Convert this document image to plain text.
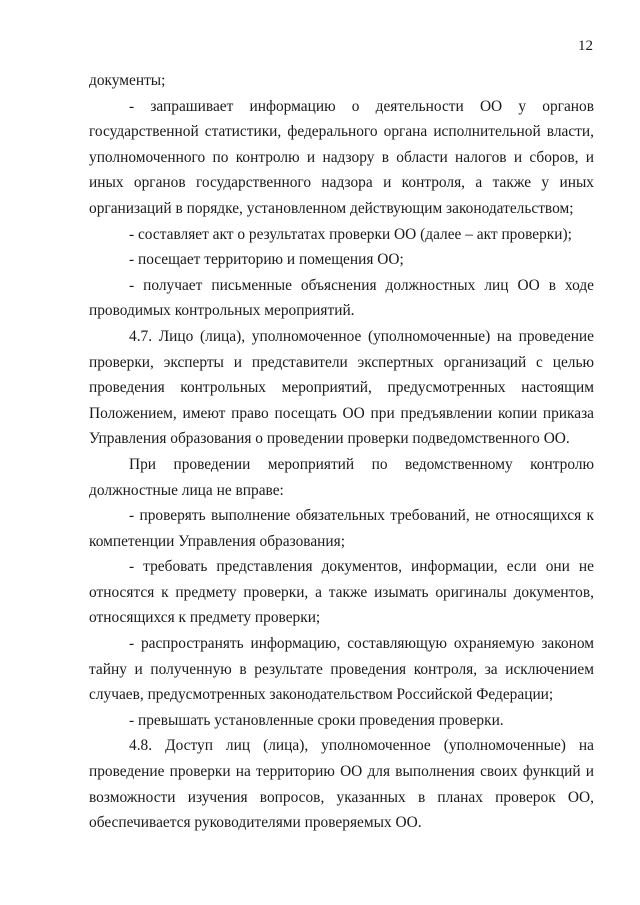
12

документы;

- запрашивает информацию о деятельности ОО у органов государственной статистики, федерального органа исполнительной власти, уполномоченного по контролю и надзору в области налогов и сборов, и иных органов государственного надзора и контроля, а также у иных организаций в порядке, установленном действующим законодательством;

- составляет акт о результатах проверки ОО (далее – акт проверки);

- посещает территорию и помещения ОО;

- получает письменные объяснения должностных лиц ОО в ходе проводимых контрольных мероприятий.

4.7. Лицо (лица), уполномоченное (уполномоченные) на проведение проверки, эксперты и представители экспертных организаций с целью проведения контрольных мероприятий, предусмотренных настоящим Положением, имеют право посещать ОО при предъявлении копии приказа Управления образования о проведении проверки подведомственного ОО.

При проведении мероприятий по ведомственному контролю должностные лица не вправе:

- проверять выполнение обязательных требований, не относящихся к компетенции Управления образования;

- требовать представления документов, информации, если они не относятся к предмету проверки, а также изымать оригиналы документов, относящихся к предмету проверки;

- распространять информацию, составляющую охраняемую законом тайну и полученную в результате проведения контроля, за исключением случаев, предусмотренных законодательством Российской Федерации;

- превышать установленные сроки проведения проверки.

4.8. Доступ лиц (лица), уполномоченное (уполномоченные) на проведение проверки на территорию ОО для выполнения своих функций и возможности изучения вопросов, указанных в планах проверок ОО, обеспечивается руководителями проверяемых ОО.
